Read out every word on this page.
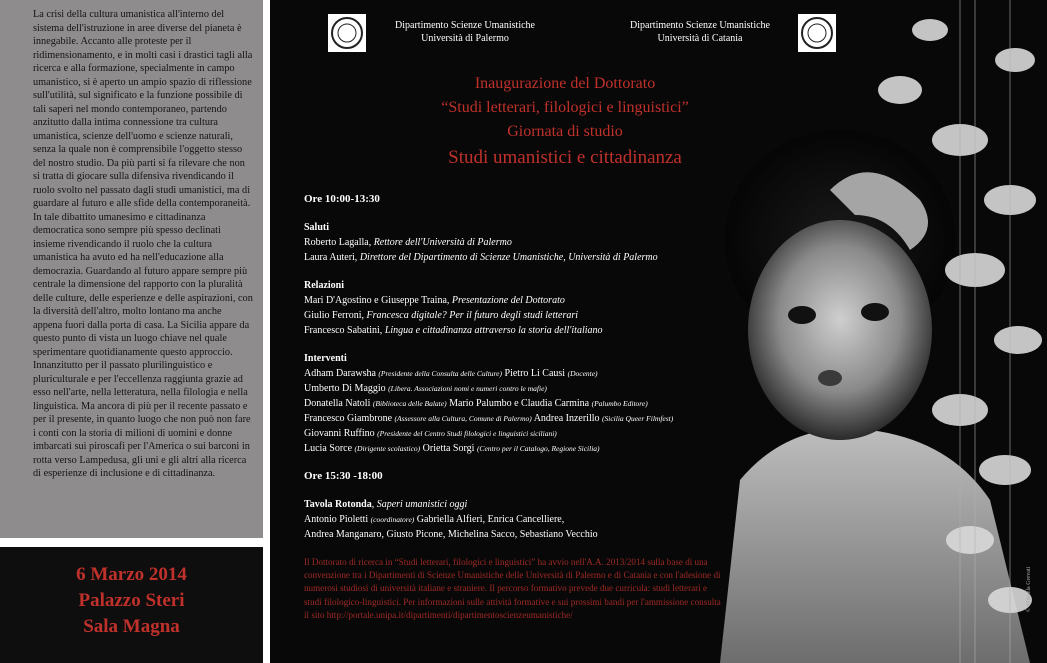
La crisi della cultura umanistica all'interno del sistema dell'istruzione in aree diverse del pianeta è innegabile. Accanto alle proteste per il ridimensionamento, e in molti casi i drastici tagli alla ricerca e alla formazione, specialmente in campo umanistico, si è aperto un ampio spazio di riflessione sull'utilità, sul significato e la funzione possibile di tali saperi nel mondo contemporaneo, partendo anzitutto dalla intima connessione tra cultura umanistica, scienze dell'uomo e scienze naturali, senza la quale non è comprensibile l'oggetto stesso del nostro studio. Da più parti si fa rilevare che non si tratta di giocare sulla difensiva rivendicando il ruolo svolto nel passato dagli studi umanistici, ma di guardare al futuro e alle sfide della contemporaneità. In tale dibattito umanesimo e cittadinanza democratica sono sempre più spesso declinati insieme rivendicando il ruolo che la cultura umanistica ha avuto ed ha nell'educazione alla democrazia. Guardando al futuro appare sempre più centrale la dimensione del rapporto con la pluralità delle culture, delle esperienze e delle aspirazioni, con la diversità dell'altro, molto lontano ma anche appena fuori dalla porta di casa. La Sicilia appare da questo punto di vista un luogo chiave nel quale sperimentare quotidianamente questo approccio. Innanzitutto per il passato plurilinguistico e pluriculturale e per l'eccellenza raggiunta grazie ad esso nell'arte, nella letteratura, nella filologia e nella linguistica. Ma ancora di più per il recente passato e per il presente, in quanto luogo che non può non fare i conti con la storia di milioni di uomini e donne imbarcati sui piroscafi per l'America o sui barconi in rotta verso Lampedusa, gli uni e gli altri alla ricerca di esperienze di inclusione e di cittadinanza.

6 Marzo 2014
Palazzo Steri
Sala Magna
Dipartimento Scienze Umanistiche
Università di Palermo
Dipartimento Scienze Umanistiche
Università di Catania
Inaugurazione del Dottorato
“Studi letterari, filologici e linguistici”
Giornata di studio
Studi umanistici e cittadinanza
Ore 10:00-13:30
Saluti
Roberto Lagalla, Rettore dell'Università di Palermo
Laura Auteri, Direttore del Dipartimento di Scienze Umanistiche, Università di Palermo
Relazioni
Mari D'Agostino e Giuseppe Traina, Presentazione del Dottorato
Giulio Ferroni, Francesca digitale? Per il futuro degli studi letterari
Francesco Sabatini, Lingua e cittadinanza attraverso la storia dell'italiano
Interventi
Adham Darawsha (Presidente della Consulta delle Culture) Pietro Li Causi (Docente)
Umberto Di Maggio (Libera. Associazioni nomi e numeri contro le mafie)
Donatella Natoli (Biblioteca delle Balate) Mario Palumbo e Claudia Carmina (Palumbo Editore)
Francesco Giambrone (Assessore alla Cultura, Comune di Palermo) Andrea Inzerillo (Sicilia Queer Filmfest)
Giovanni Ruffino (Presidente del Centro Studi filologici e linguistici siciliani)
Lucia Sorce (Dirigente scolastico) Orietta Sorgi (Centro per il Catalogo, Regione Sicilia)
Ore 15:30 -18:00
Tavola Rotonda, Saperi umanistici oggi
Antonio Pioletti (coordinatore) Gabriella Alfieri, Enrica Cancelliere,
Andrea Manganaro, Giusto Picone, Michelina Sacco, Sebastiano Vecchio
Il Dottorato di ricerca in “Studi letterari, filologici e linguistici” ha avvio nell'A.A. 2013/2014 sulla base di una convenzione tra i Dipartimenti di Scienze Umanistiche delle Università di Palermo e di Catania e con l'adesione di numerosi studiosi di università italiane e straniere. Il percorso formativo prevede due curricula: studi letterari e studi filologico-linguistici. Per informazioni sulle attività formative e sui prossimi bandi per l'ammissione consulta il sito http://portale.unipa.it/dipartimenti/dipartimentoscienzeumanistiche/
© Mikaela Grevati
